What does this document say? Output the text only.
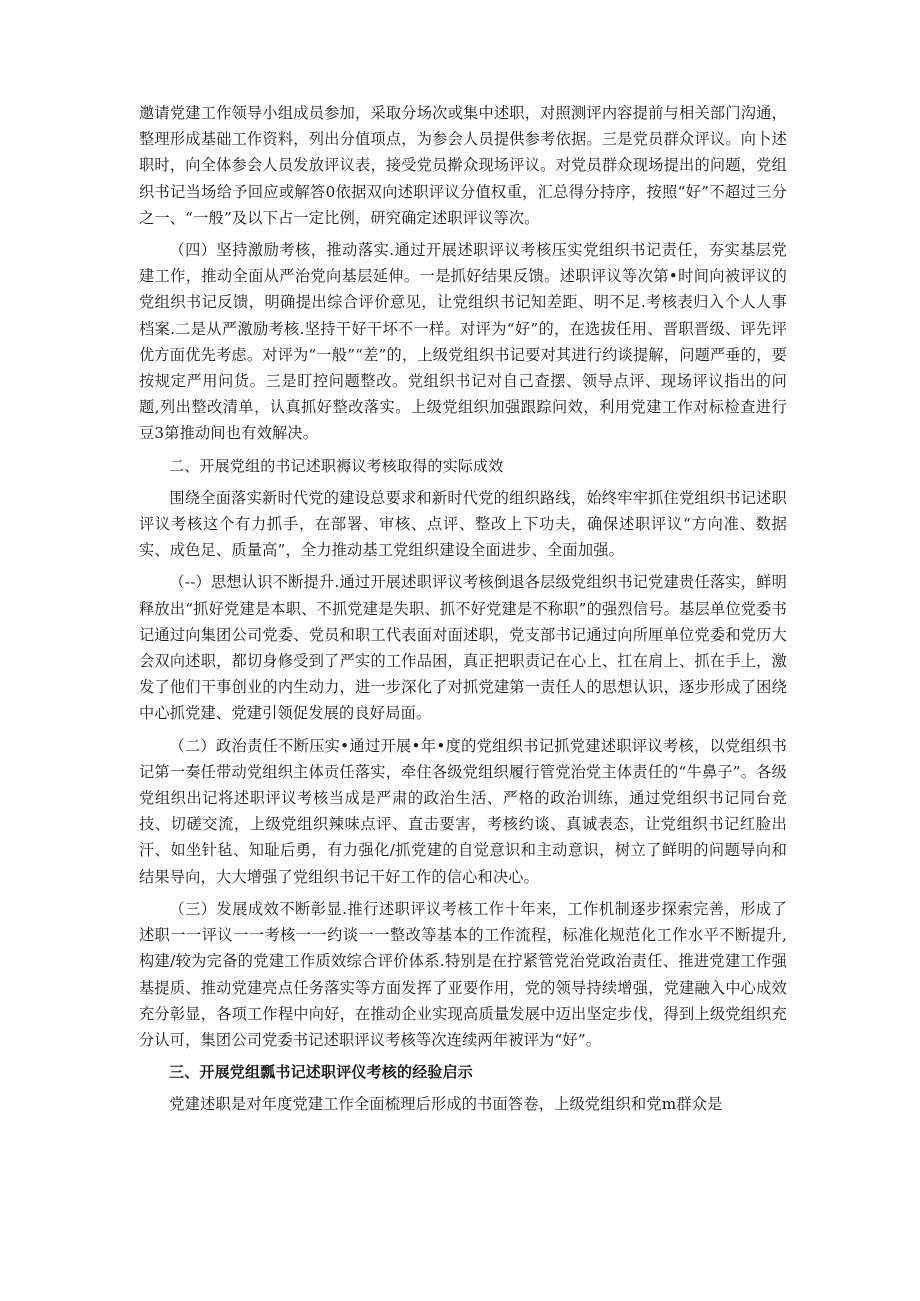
邀请党建工作领导小组成员参加，采取分场次或集中述职，对照测评内容提前与相关部门沟通，整理形成基础工作资料，列出分值项点，为参会人员提供参考依据。三是党员群众评议。向卜述职时，向全体参会人员发放评议表，接受党员擀众现场评议。对党员群众现场提出的问题，党组织书记当场给予回应或解答0依据双向述职评议分值权重，汇总得分持序，按照“好”不超过三分之一、“一般”及以下占一定比例，研究确定述职评议等次。

（四）坚持激励考核，推动落实.通过开展述职评议考核压实党组织书记责任，夯实基层党建工作，推动全面从严治党向基层延伸。一是抓好结果反馈。述职评议等次第•时间向被评议的党组织书记反馈，明确提出综合评价意见，让党组织书记知差距、明不足.考核表归入个人人事档案.二是从严激励考核.坚持干好干坏不一样。对评为“好”的，在选拔任用、晋职晋级、评先评优方面优先考虑。对评为“一般”“差”的，上级党组织书记要对其进行约谈提解，问题严垂的，要按规定严用问货。三是盯控问题整改。党组织书记对自己查摆、领导点评、现场评议指出的问题,列出整改清单，认真抓好整改落实。上级党组织加强跟踪问效，利用党建工作对标检查进行豆3第推动间也有效解决。

二、开展党组的书记述职褥议考核取得的实际成效

围绕全面落实新时代党的建设总要求和新时代党的组织路线，始终牢牢抓住党组织书记述职评议考核这个有力抓手，在部署、审核、点评、整改上下功夫，确保述职评议“方向准、数据实、成色足、质量高”，全力推动基工党组织建设全面进步、全面加强。

（--）思想认识不断提升.通过开展述职评议考核倒退各层级党组织书记党建贵任落实，鲜明释放出“抓好党建是本职、不抓党建是失职、抓不好党建是不称职”的强烈信号。基层单位党委书记通过向集团公司党委、党员和职工代表面对面述职，党支部书记通过向所厘单位党委和党历大会双向述职，都切身修受到了严实的工作品困，真正把职责记在心上、扛在肩上、抓在手上，激发了他们干事创业的内生动力，进一步深化了对抓党建第一责任人的思想认识，逐步形成了困绕中心抓党建、党建引领促发展的良好局面。

（二）政治责任不断压实•通过开展•年•度的党组织书记抓党建述职评议考核，以党组织书记第一奏任带动党组织主体贡任落实，牵住各级党组织履行管党治党主体责任的“牛鼻子”。各级党组织出记将述职评议考核当成是严肃的政治生活、严格的政治训练，通过党组织书记同台竞技、切磋交流，上级党组织辣味点评、直击要害，考核约谈、真诚表态，让党组织书记红脸出汗、如坐针毡、知耻后勇，有力强化/抓党建的自觉意识和主动意识，树立了鲜明的问题导向和结果导向，大大增强了党组织书记干好工作的信心和决心。

（三）发展成效不断彰显.推行述职评议考核工作十年来，工作机制逐步探索完善，形成了述职一一评议一一考核一一约谈一一整改等基本的工作流程，标准化规范化工作水平不断提升,构建/较为完备的党建工作质效综合评价体系.特别是在拧紧管党治党政治责任、推进党建工作强基提质、推动党建亮点任务落实等方面发挥了亚要作用，党的领导持续增强，党建融入中心成效充分彰显，各项工作程中向好，在推动企业实现高质量发展中迈出坚定步伐，得到上级党组织充分认可，集团公司党委书记述职评议考核等次连续两年被评为“好”。

三、开展党组瓢书记述职评仪考核的经验启示

党建述职是对年度党建工作全面梳理后形成的书面答卷，上级党组织和党m群众是
